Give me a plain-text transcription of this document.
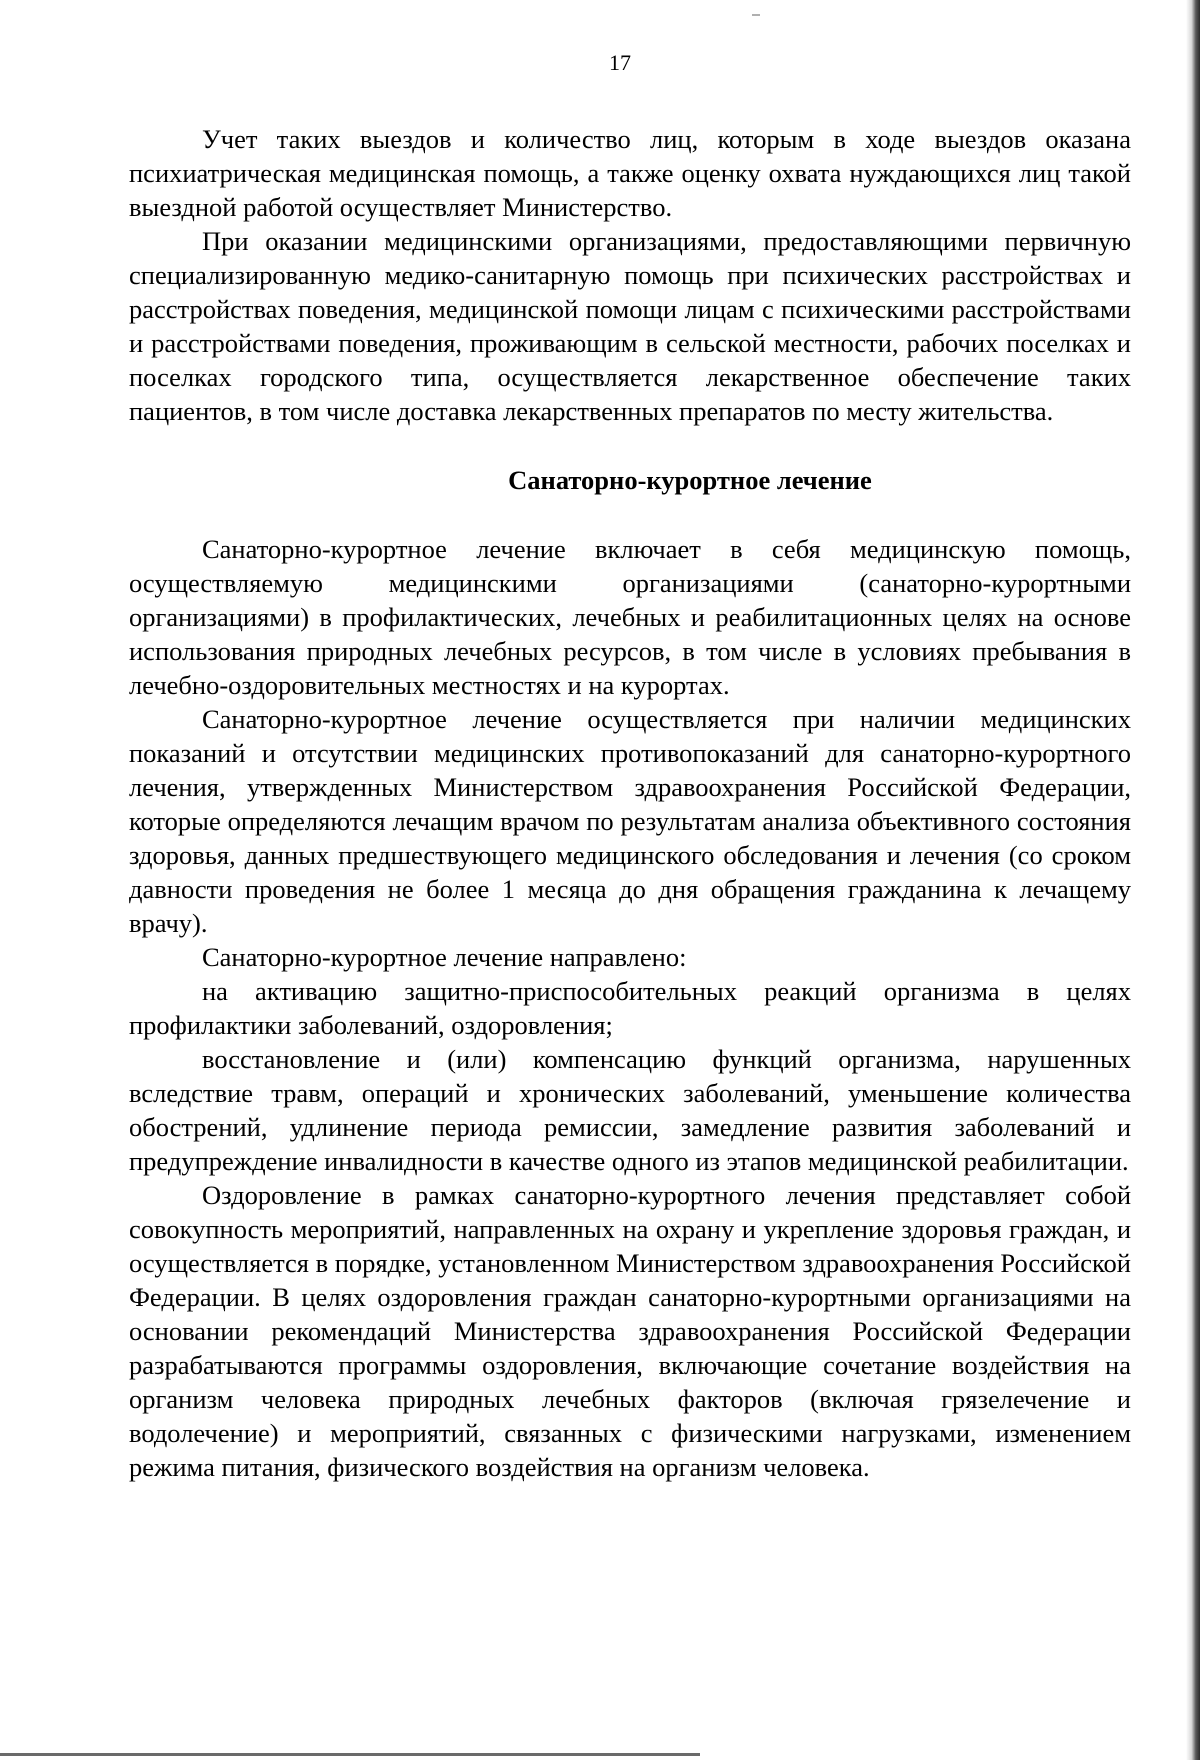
17

Учет таких выездов и количество лиц, которым в ходе выездов оказана психиатрическая медицинская помощь, а также оценку охвата нуждающихся лиц такой выездной работой осуществляет Министерство.

При оказании медицинскими организациями, предоставляющими первичную специализированную медико-санитарную помощь при психических расстройствах и расстройствах поведения, медицинской помощи лицам с психическими расстройствами и расстройствами поведения, проживающим в сельской местности, рабочих поселках и поселках городского типа, осуществляется лекарственное обеспечение таких пациентов, в том числе доставка лекарственных препаратов по месту жительства.

Санаторно-курортное лечение

Санаторно-курортное лечение включает в себя медицинскую помощь, осуществляемую медицинскими организациями (санаторно-курортными организациями) в профилактических, лечебных и реабилитационных целях на основе использования природных лечебных ресурсов, в том числе в условиях пребывания в лечебно-оздоровительных местностях и на курортах.

Санаторно-курортное лечение осуществляется при наличии медицинских показаний и отсутствии медицинских противопоказаний для санаторно-курортного лечения, утвержденных Министерством здравоохранения Российской Федерации, которые определяются лечащим врачом по результатам анализа объективного состояния здоровья, данных предшествующего медицинского обследования и лечения (со сроком давности проведения не более 1 месяца до дня обращения гражданина к лечащему врачу).

Санаторно-курортное лечение направлено:

на активацию защитно-приспособительных реакций организма в целях профилактики заболеваний, оздоровления;

восстановление и (или) компенсацию функций организма, нарушенных вследствие травм, операций и хронических заболеваний, уменьшение количества обострений, удлинение периода ремиссии, замедление развития заболеваний и предупреждение инвалидности в качестве одного из этапов медицинской реабилитации.

Оздоровление в рамках санаторно-курортного лечения представляет собой совокупность мероприятий, направленных на охрану и укрепление здоровья граждан, и осуществляется в порядке, установленном Министерством здравоохранения Российской Федерации. В целях оздоровления граждан санаторно-курортными организациями на основании рекомендаций Министерства здравоохранения Российской Федерации разрабатываются программы оздоровления, включающие сочетание воздействия на организм человека природных лечебных факторов (включая грязелечение и водолечение) и мероприятий, связанных с физическими нагрузками, изменением режима питания, физического воздействия на организм человека.
